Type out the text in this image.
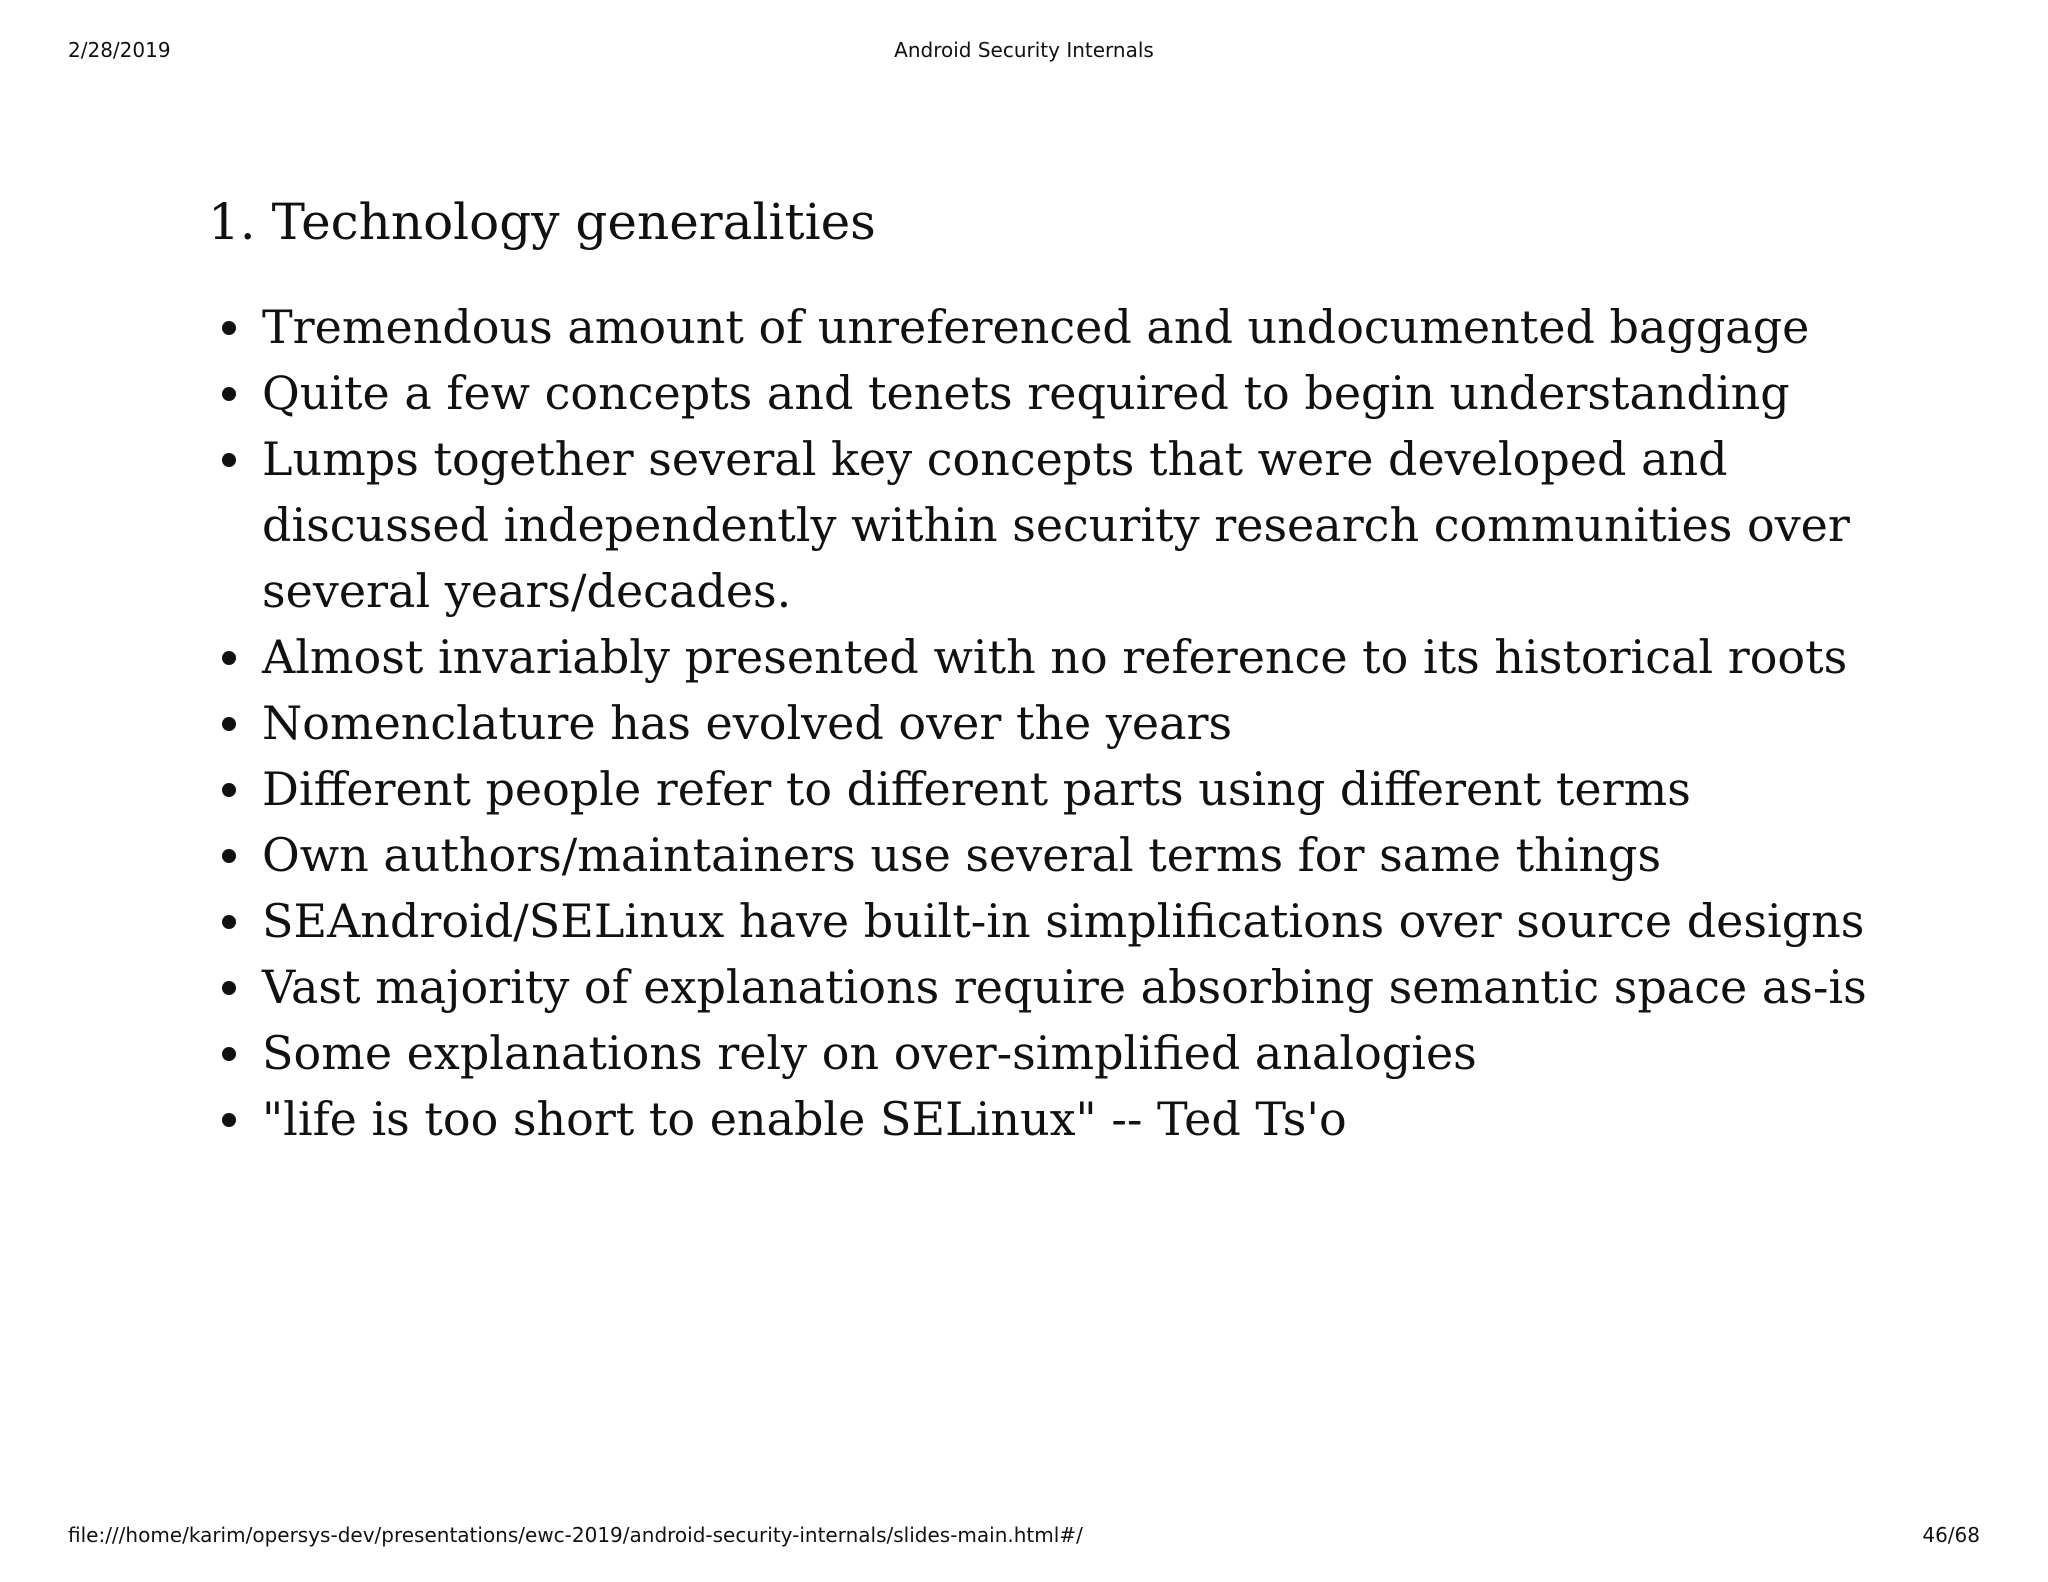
2/28/2019	Android Security Internals
1. Technology generalities
Tremendous amount of unreferenced and undocumented baggage
Quite a few concepts and tenets required to begin understanding
Lumps together several key concepts that were developed and discussed independently within security research communities over several years/decades.
Almost invariably presented with no reference to its historical roots
Nomenclature has evolved over the years
Different people refer to different parts using different terms
Own authors/maintainers use several terms for same things
SEAndroid/SELinux have built-in simplifications over source designs
Vast majority of explanations require absorbing semantic space as-is
Some explanations rely on over-simplified analogies
"life is too short to enable SELinux" -- Ted Ts'o
file:///home/karim/opersys-dev/presentations/ewc-2019/android-security-internals/slides-main.html#/	46/68
